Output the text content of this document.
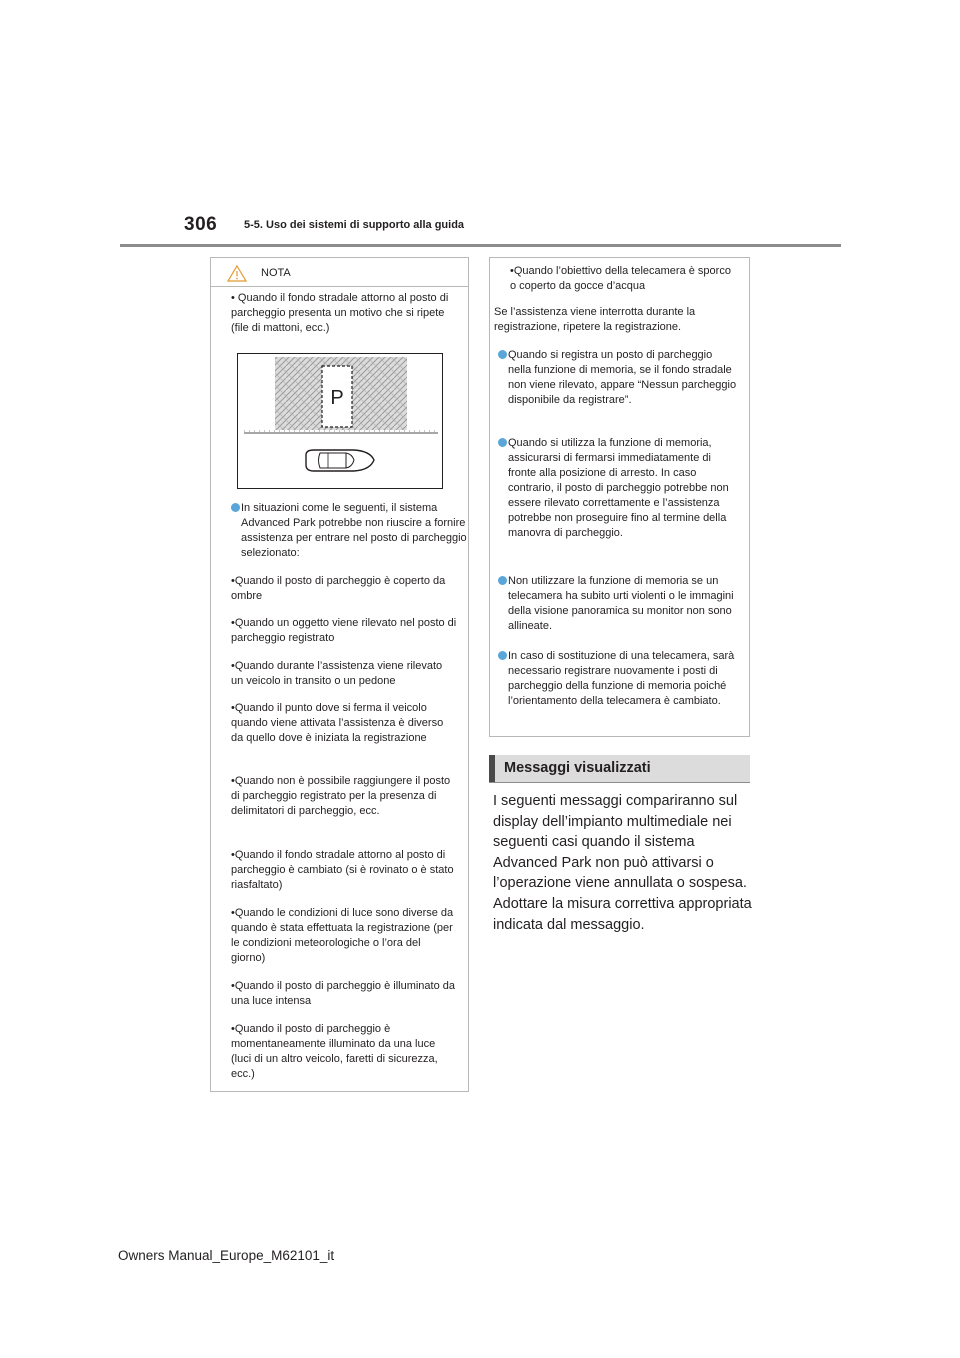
306 5-5. Uso dei sistemi di supporto alla guida
NOTA
• Quando il fondo stradale attorno al posto di parcheggio presenta un motivo che si ripete (file di mattoni, ecc.)
P
In situazioni come le seguenti, il sistema Advanced Park potrebbe non riuscire a fornire assistenza per entrare nel posto di parcheggio selezionato:
•Quando il posto di parcheggio è coperto da ombre
•Quando un oggetto viene rilevato nel posto di parcheggio registrato
•Quando durante l’assistenza viene rilevato un veicolo in transito o un pedone
•Quando il punto dove si ferma il veicolo quando viene attivata l’assistenza è diverso da quello dove è iniziata la registrazione
•Quando non è possibile raggiungere il posto di parcheggio registrato per la presenza di delimitatori di parcheggio, ecc.
•Quando il fondo stradale attorno al posto di parcheggio è cambiato (si è rovinato o è stato riasfaltato)
•Quando le condizioni di luce sono diverse da quando è stata effettuata la registrazione (per le condizioni meteorologiche o l’ora del giorno)
•Quando il posto di parcheggio è illuminato da una luce intensa
•Quando il posto di parcheggio è momentaneamente illuminato da una luce (luci di un altro veicolo, faretti di sicurezza, ecc.)
•Quando l’obiettivo della telecamera è sporco o coperto da gocce d’acqua
Se l’assistenza viene interrotta durante la registrazione, ripetere la registrazione.
Quando si registra un posto di parcheggio nella funzione di memoria, se il fondo stradale non viene rilevato, appare “Nessun parcheggio disponibile da registrare”.
Quando si utilizza la funzione di memoria, assicurarsi di fermarsi immediatamente di fronte alla posizione di arresto. In caso contrario, il posto di parcheggio potrebbe non essere rilevato correttamente e l’assistenza potrebbe non proseguire fino al termine della manovra di parcheggio.
Non utilizzare la funzione di memoria se un telecamera ha subito urti violenti o le immagini della visione panoramica su monitor non sono allineate.
In caso di sostituzione di una telecamera, sarà necessario registrare nuovamente i posti di parcheggio della funzione di memoria poiché l’orientamento della telecamera è cambiato.
Messaggi visualizzati
I seguenti messaggi compariranno sul display dell’impianto multimediale nei seguenti casi quando il sistema Advanced Park non può attivarsi o l’operazione viene annullata o sospesa. Adottare la misura correttiva appropriata indicata dal messaggio.
Owners Manual_Europe_M62101_it
